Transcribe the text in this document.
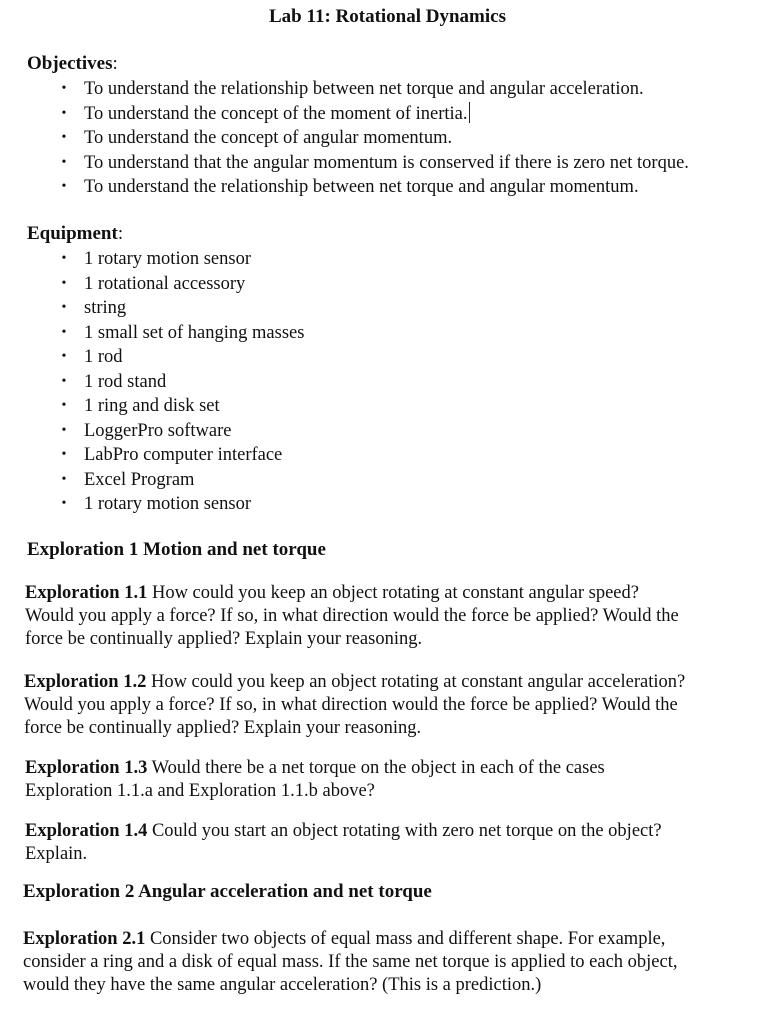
Lab 11: Rotational Dynamics
Objectives:
• To understand the relationship between net torque and angular acceleration.
• To understand the concept of the moment of inertia.
• To understand the concept of angular momentum.
• To understand that the angular momentum is conserved if there is zero net torque.
• To understand the relationship between net torque and angular momentum.
Equipment:
• 1 rotary motion sensor
• 1 rotational accessory
• string
• 1 small set of hanging masses
• 1 rod
• 1 rod stand
• 1 ring and disk set
• LoggerPro software
• LabPro computer interface
• Excel Program
• 1 rotary motion sensor
Exploration 1 Motion and net torque
Exploration 1.1 How could you keep an object rotating at constant angular speed?
Would you apply a force? If so, in what direction would the force be applied? Would the
force be continually applied? Explain your reasoning.
Exploration 1.2 How could you keep an object rotating at constant angular acceleration?
Would you apply a force? If so, in what direction would the force be applied? Would the
force be continually applied? Explain your reasoning.
Exploration 1.3 Would there be a net torque on the object in each of the cases
Exploration 1.1.a and Exploration 1.1.b above?
Exploration 1.4 Could you start an object rotating with zero net torque on the object?
Explain.
Exploration 2 Angular acceleration and net torque
Exploration 2.1 Consider two objects of equal mass and different shape. For example,
consider a ring and a disk of equal mass. If the same net torque is applied to each object,
would they have the same angular acceleration? (This is a prediction.)
